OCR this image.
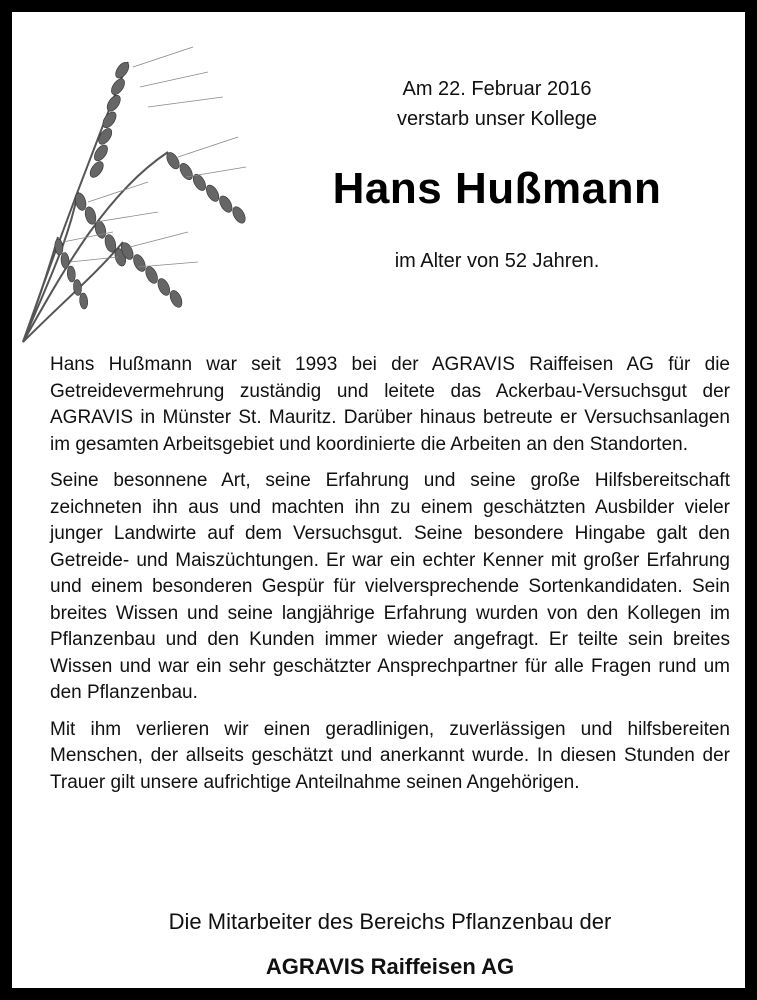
Am 22. Februar 2016
verstarb unser Kollege
Hans Hußmann
im Alter von 52 Jahren.

Hans Hußmann war seit 1993 bei der AGRAVIS Raiffeisen AG für die Getreidevermehrung zuständig und leitete das Ackerbau-Versuchsgut der AGRAVIS in Münster St. Mauritz. Darüber hinaus betreute er Versuchsanlagen im gesamten Arbeitsgebiet und koordinierte die Arbeiten an den Standorten.

Seine besonnene Art, seine Erfahrung und seine große Hilfsbereitschaft zeichneten ihn aus und machten ihn zu einem geschätzten Ausbilder vieler junger Landwirte auf dem Versuchsgut. Seine besondere Hingabe galt den Getreide- und Maiszüchtungen. Er war ein echter Kenner mit großer Erfahrung und einem besonderen Gespür für vielversprechende Sortenkandidaten. Sein breites Wissen und seine langjährige Erfahrung wurden von den Kollegen im Pflanzenbau und den Kunden immer wieder angefragt. Er teilte sein breites Wissen und war ein sehr geschätzter Ansprechpartner für alle Fragen rund um den Pflanzenbau.

Mit ihm verlieren wir einen geradlinigen, zuverlässigen und hilfsbereiten Menschen, der allseits geschätzt und anerkannt wurde. In diesen Stunden der Trauer gilt unsere aufrichtige Anteilnahme seinen Angehörigen.

Die Mitarbeiter des Bereichs Pflanzenbau der
AGRAVIS Raiffeisen AG
